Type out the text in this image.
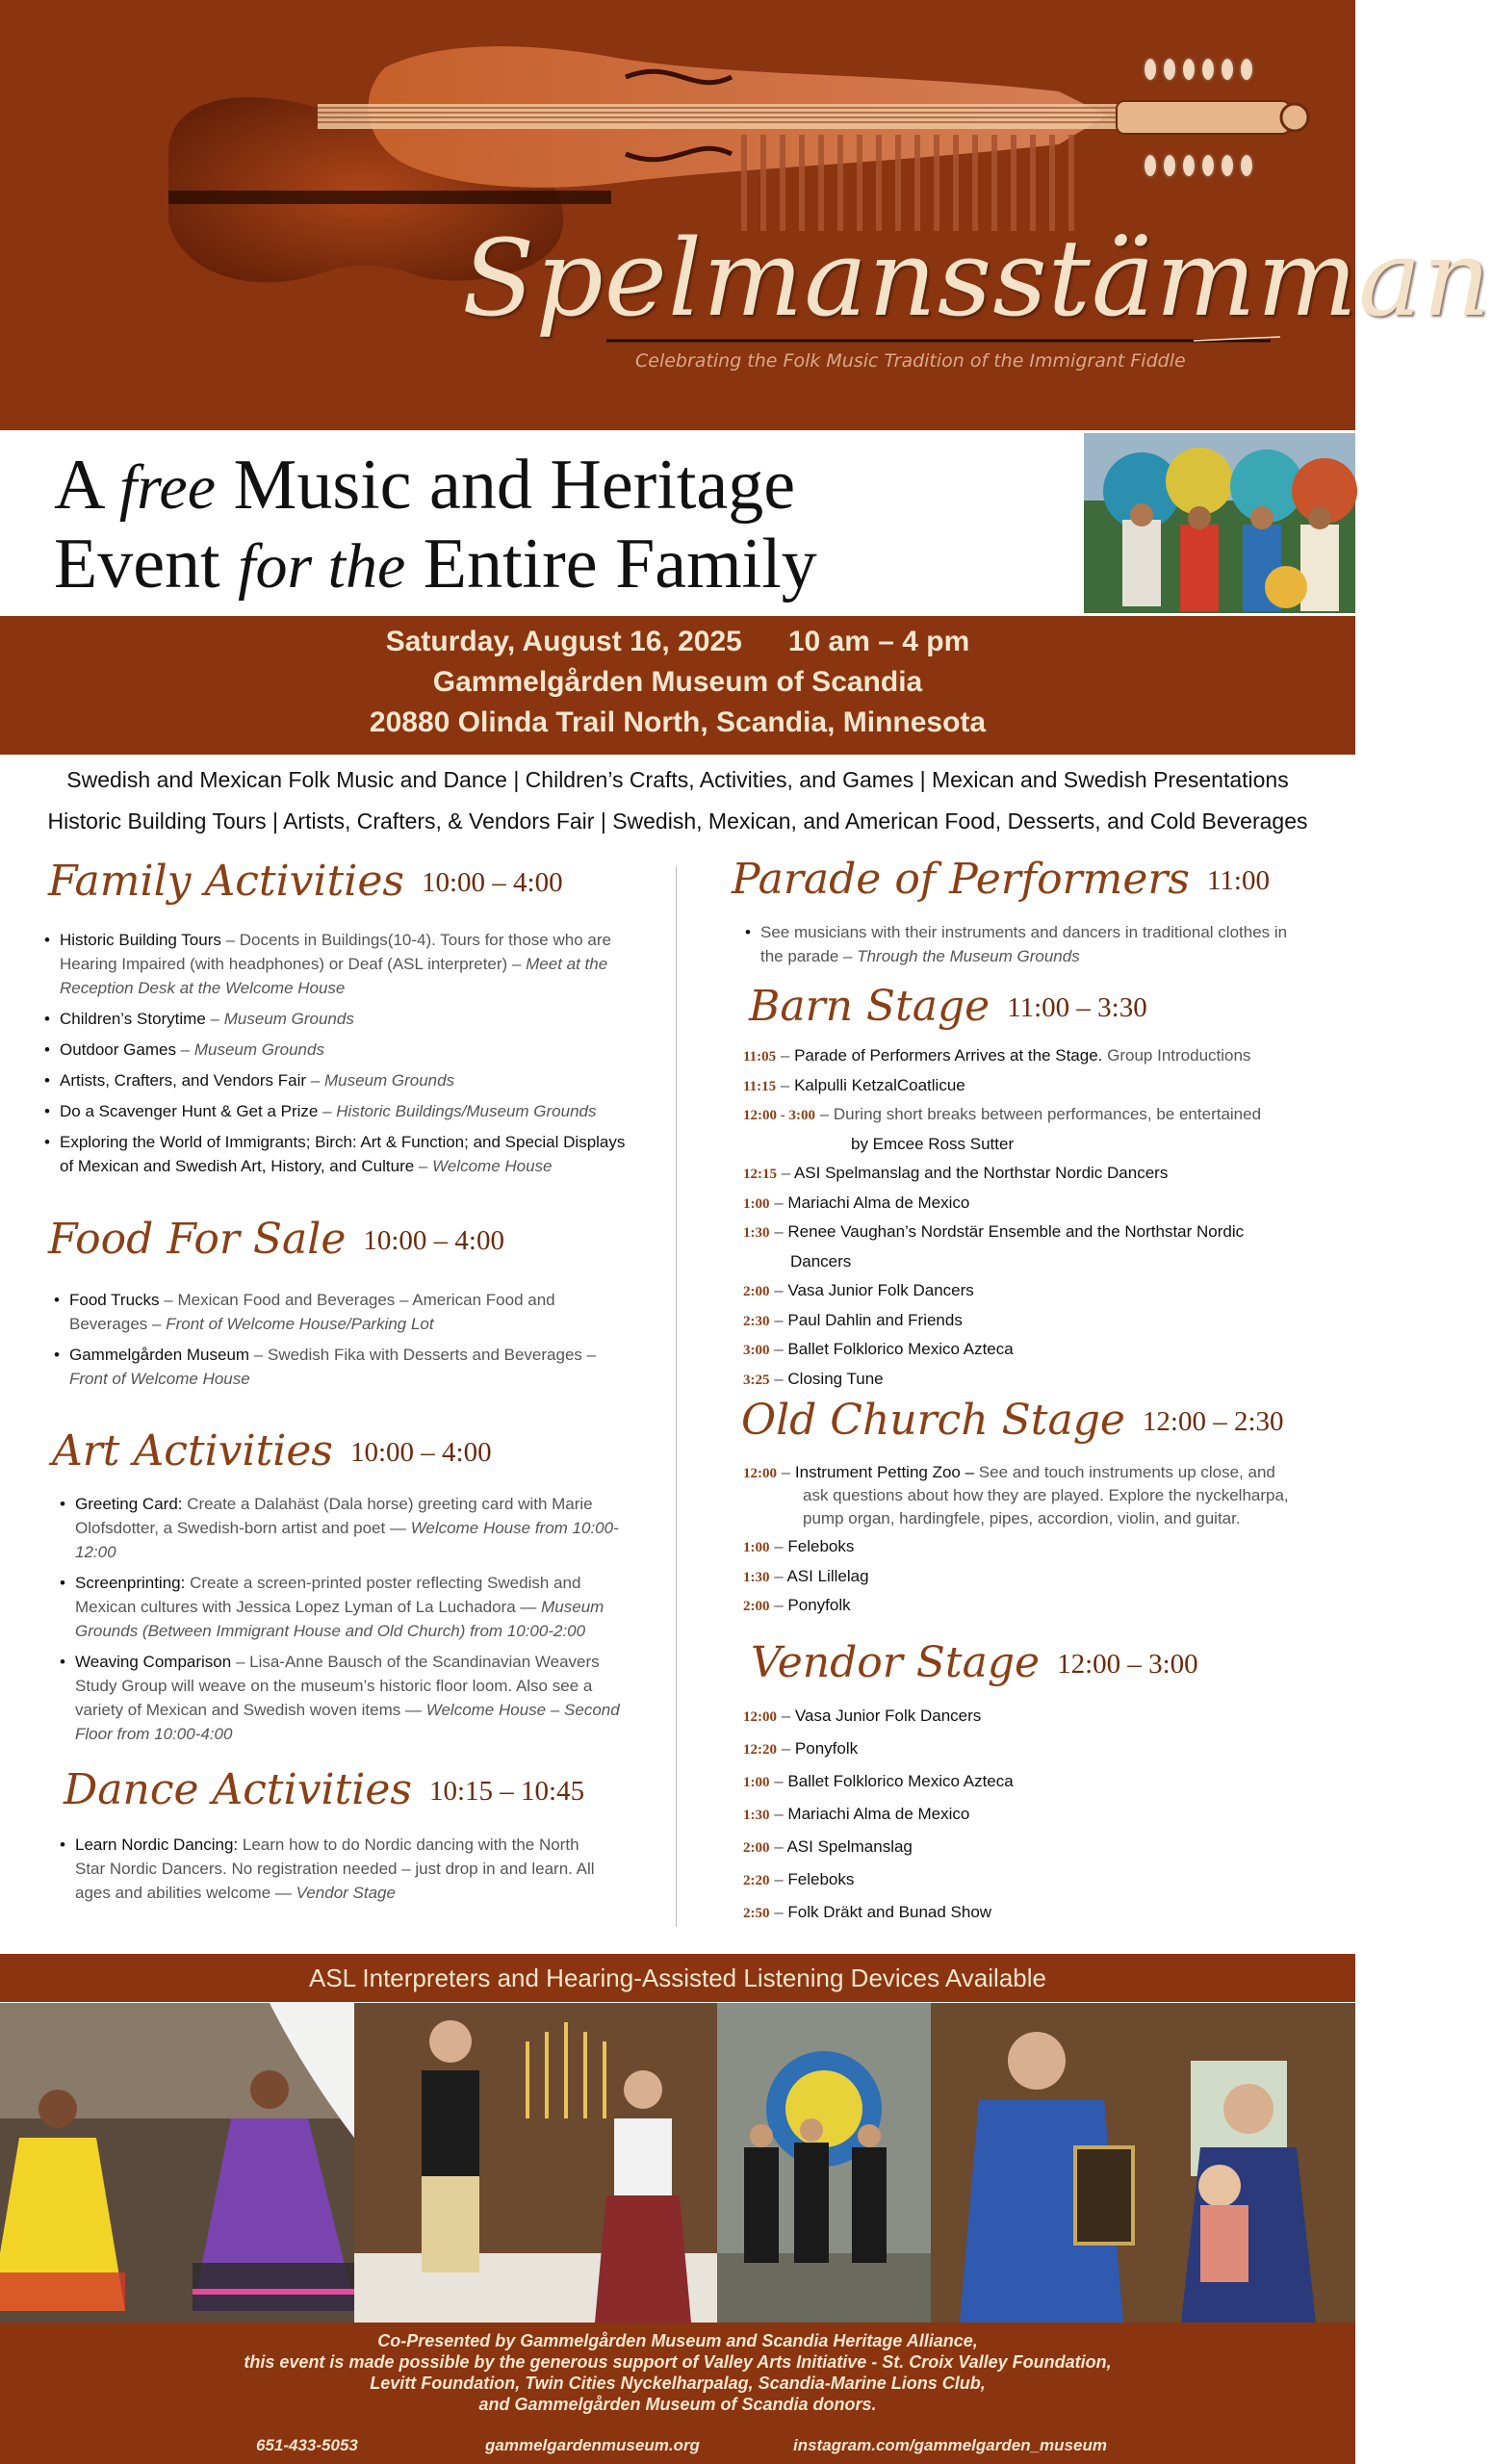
Spelmansstämman
Celebrating the Folk Music Tradition of the Immigrant Fiddle
A free Music and Heritage
Event for the Entire Family
Saturday, August 16, 2025 10 am – 4 pm
Gammelgården Museum of Scandia
20880 Olinda Trail North, Scandia, Minnesota
Swedish and Mexican Folk Music and Dance | Children’s Crafts, Activities, and Games | Mexican and Swedish Presentations
Historic Building Tours | Artists, Crafters, & Vendors Fair | Swedish, Mexican, and American Food, Desserts, and Cold Beverages
Family Activities 10:00 – 4:00
• Historic Building Tours – Docents in Buildings(10-4). Tours for those who are Hearing Impaired (with headphones) or Deaf (ASL interpreter) – Meet at the Reception Desk at the Welcome House
• Children’s Storytime – Museum Grounds
• Outdoor Games – Museum Grounds
• Artists, Crafters, and Vendors Fair – Museum Grounds
• Do a Scavenger Hunt & Get a Prize – Historic Buildings/Museum Grounds
• Exploring the World of Immigrants; Birch: Art & Function; and Special Displays of Mexican and Swedish Art, History, and Culture – Welcome House
Food For Sale 10:00 – 4:00
• Food Trucks – Mexican Food and Beverages – American Food and Beverages – Front of Welcome House/Parking Lot
• Gammelgården Museum – Swedish Fika with Desserts and Beverages – Front of Welcome House
Art Activities 10:00 – 4:00
• Greeting Card: Create a Dalahäst (Dala horse) greeting card with Marie Olofsdotter, a Swedish-born artist and poet — Welcome House from 10:00-12:00
• Screenprinting: Create a screen-printed poster reflecting Swedish and Mexican cultures with Jessica Lopez Lyman of La Luchadora — Museum Grounds (Between Immigrant House and Old Church) from 10:00-2:00
• Weaving Comparison – Lisa-Anne Bausch of the Scandinavian Weavers Study Group will weave on the museum’s historic floor loom. Also see a variety of Mexican and Swedish woven items — Welcome House – Second Floor from 10:00-4:00
Dance Activities 10:15 – 10:45
• Learn Nordic Dancing: Learn how to do Nordic dancing with the North Star Nordic Dancers. No registration needed – just drop in and learn. All ages and abilities welcome — Vendor Stage
Parade of Performers 11:00
• See musicians with their instruments and dancers in traditional clothes in the parade – Through the Museum Grounds
Barn Stage 11:00 – 3:30
11:05 – Parade of Performers Arrives at the Stage. Group Introductions
11:15 – Kalpulli KetzalCoatlicue
12:00 - 3:00 – During short breaks between performances, be entertained
by Emcee Ross Sutter
12:15 – ASI Spelmanslag and the Northstar Nordic Dancers
1:00 – Mariachi Alma de Mexico
1:30 – Renee Vaughan’s Nordstär Ensemble and the Northstar Nordic
Dancers
2:00 – Vasa Junior Folk Dancers
2:30 – Paul Dahlin and Friends
3:00 – Ballet Folklorico Mexico Azteca
3:25 – Closing Tune
Old Church Stage 12:00 – 2:30
12:00 – Instrument Petting Zoo – See and touch instruments up close, and
ask questions about how they are played. Explore the nyckelharpa,
pump organ, hardingfele, pipes, accordion, violin, and guitar.
1:00 – Feleboks
1:30 – ASI Lillelag
2:00 – Ponyfolk
Vendor Stage 12:00 – 3:00
12:00 – Vasa Junior Folk Dancers
12:20 – Ponyfolk
1:00 – Ballet Folklorico Mexico Azteca
1:30 – Mariachi Alma de Mexico
2:00 – ASI Spelmanslag
2:20 – Feleboks
2:50 – Folk Dräkt and Bunad Show
ASL Interpreters and Hearing-Assisted Listening Devices Available
Co-Presented by Gammelgården Museum and Scandia Heritage Alliance,
this event is made possible by the generous support of Valley Arts Initiative - St. Croix Valley Foundation,
Levitt Foundation, Twin Cities Nyckelharpalag, Scandia-Marine Lions Club,
and Gammelgården Museum of Scandia donors.
651-433-5053	gammelgardenmuseum.org	instagram.com/gammelgarden_museum
